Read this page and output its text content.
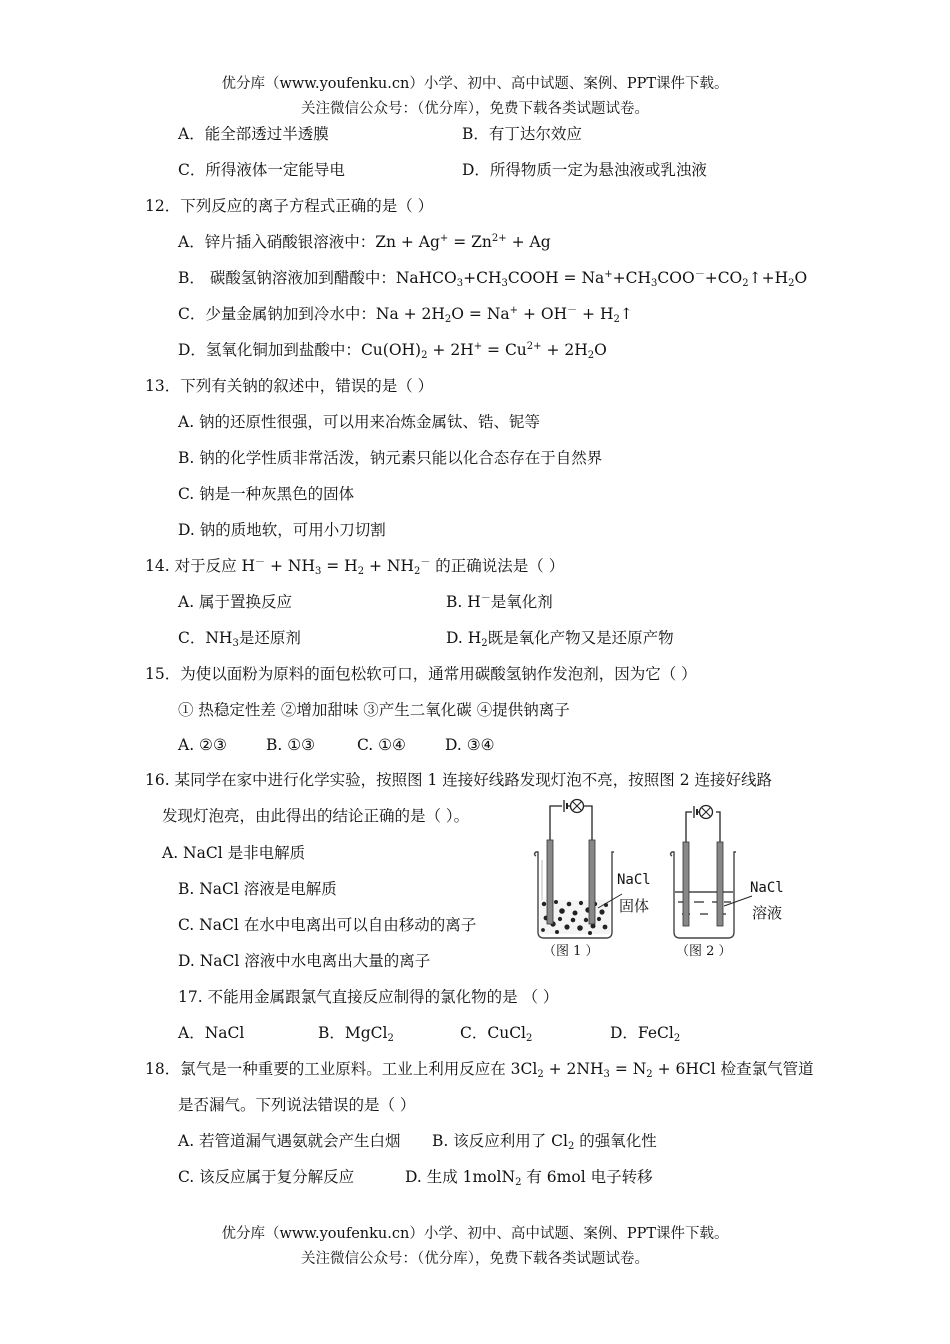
优分库（www.youfenku.cn）小学、初中、高中试题、案例、PPT课件下载。
关注微信公众号：（优分库），免费下载各类试题试卷。
A．能全部透过半透膜	B．有丁达尔效应
C．所得液体一定能导电	D．所得物质一定为悬浊液或乳浊液
12．下列反应的离子方程式正确的是（ ）
A．锌片插入硝酸银溶液中：$Zn + Ag^+ = Zn^{2+} + Ag$
B． 碳酸氢钠溶液加到醋酸中：$NaHCO_3+CH_3COOH$ = $Na^++CH_3COO^-+CO_2↑+H_2O$
C．少量金属钠加到冷水中：$Na + 2H_2O = Na^+ + OH^-$ + $H_2↑$
D．氢氧化铜加到盐酸中：$Cu(OH)_2 + 2H^+ = Cu^{2+} + 2H_2O$
13．下列有关钠的叙述中，错误的是（ ）
A. 钠的还原性很强，可以用来冶炼金属钛、锆、铌等
B. 钠的化学性质非常活泼，钠元素只能以化合态存在于自然界
C. 钠是一种灰黑色的固体
D. 钠的质地软，可用小刀切割
14. 对于反应 $H^- + NH_3 = H_2 + NH_2^-$ 的正确说法是（ ）
A. 属于置换反应	B. H－是氧化剂
C．$NH_3$是还原剂	D. $H_2$既是氧化产物又是还原产物
15．为使以面粉为原料的面包松软可口，通常用碳酸氢钠作发泡剂，因为它（ ）
① 热稳定性差 ②增加甜味 ③产生二氧化碳 ④提供钠离子
A. ②③	B. ①③	C. ①④	D. ③④
16. 某同学在家中进行化学实验，按照图 1 连接好线路发现灯泡不亮，按照图 2 连接好线路
发现灯泡亮，由此得出的结论正确的是（ ）。
A. NaCl 是非电解质
B. NaCl 溶液是电解质
C. NaCl 在水中电离出可以自由移动的离子
D. NaCl 溶液中水电离出大量的离子
NaCl
固体
（图 1 ）
NaCl
溶液
（图 2 ）
17. 不能用金属跟氯气直接反应制得的氯化物的是 （ ）
A．NaCl	B．MgCl$_2$	C．CuCl$_2$	D．FeCl$_2$
18．氯气是一种重要的工业原料。工业上利用反应在 $3Cl_2 + 2NH_3 = N_2 + 6HCl$ 检查氯气管道
是否漏气。下列说法错误的是（ ）
A. 若管道漏气遇氨就会产生白烟 B. 该反应利用了 $Cl_2$ 的强氧化性
C. 该反应属于复分解反应	D. 生成 1molN$_2$ 有 6mol 电子转移
优分库（www.youfenku.cn）小学、初中、高中试题、案例、PPT课件下载。
关注微信公众号：（优分库），免费下载各类试题试卷。
